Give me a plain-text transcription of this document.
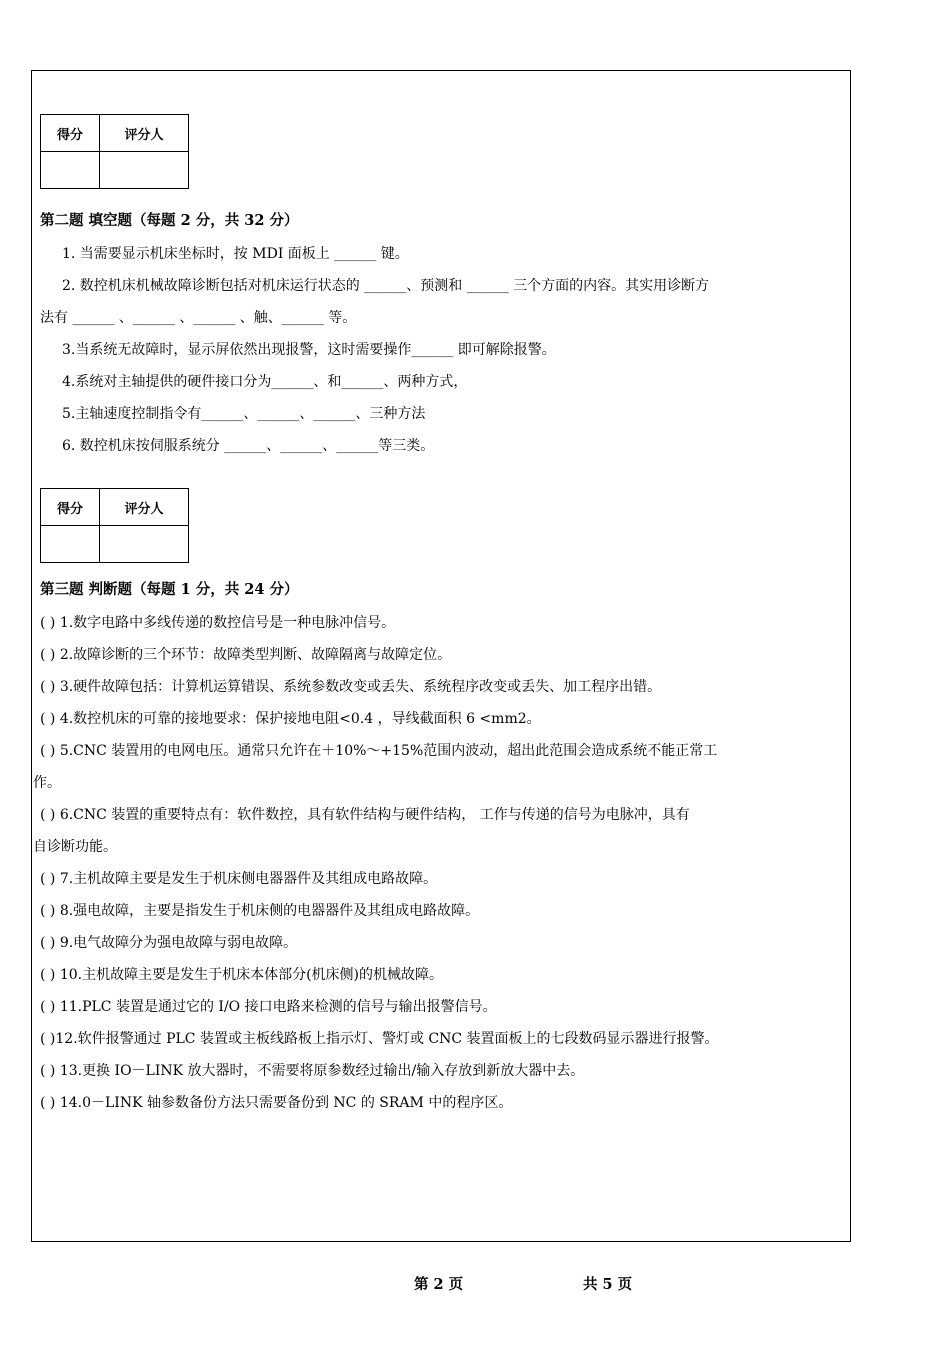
得分	评分人

第二题 填空题（每题 2 分，共 32 分）
1. 当需要显示机床坐标时，按 MDI 面板上 ______ 键。
2. 数控机床机械故障诊断包括对机床运行状态的 ______、预测和 ______ 三个方面的内容。其实用诊断方
法有 ______ 、______ 、______ 、触、______ 等。
3.当系统无故障时，显示屏依然出现报警，这时需要操作______ 即可解除报警。
4.系统对主轴提供的硬件接口分为______、和______、两种方式，
5.主轴速度控制指令有______、______、______、三种方法
6. 数控机床按伺服系统分 ______、______、______等三类。
得分	评分人

第三题 判断题（每题 1 分，共 24 分）
( ) 1.数字电路中多线传递的数控信号是一种电脉冲信号。
( ) 2.故障诊断的三个环节：故障类型判断、故障隔离与故障定位。
( ) 3.硬件故障包括：计算机运算错误、系统参数改变或丢失、系统程序改变或丢失、加工程序出错。
( ) 4.数控机床的可靠的接地要求：保护接地电阻<0.4 ，导线截面积 6 <mm2。
( ) 5.CNC 装置用的电网电压。通常只允许在＋10%～+15%范围内波动，超出此范围会造成系统不能正常工
作。
( ) 6.CNC 装置的重要特点有：软件数控，具有软件结构与硬件结构， 工作与传递的信号为电脉冲，具有
自诊断功能。
( ) 7.主机故障主要是发生于机床侧电器器件及其组成电路故障。
( ) 8.强电故障，主要是指发生于机床侧的电器器件及其组成电路故障。
( ) 9.电气故障分为强电故障与弱电故障。
( ) 10.主机故障主要是发生于机床本体部分(机床侧)的机械故障。
( ) 11.PLC 装置是通过它的 I/O 接口电路来检测的信号与输出报警信号。
( )12.软件报警通过 PLC 装置或主板线路板上指示灯、警灯或 CNC 装置面板上的七段数码显示器进行报警。
( ) 13.更换 IO－LINK 放大器时，不需要将原参数经过输出/输入存放到新放大器中去。
( ) 14.0－LINK 轴参数备份方法只需要备份到 NC 的 SRAM 中的程序区。
第 2 页	共 5 页
